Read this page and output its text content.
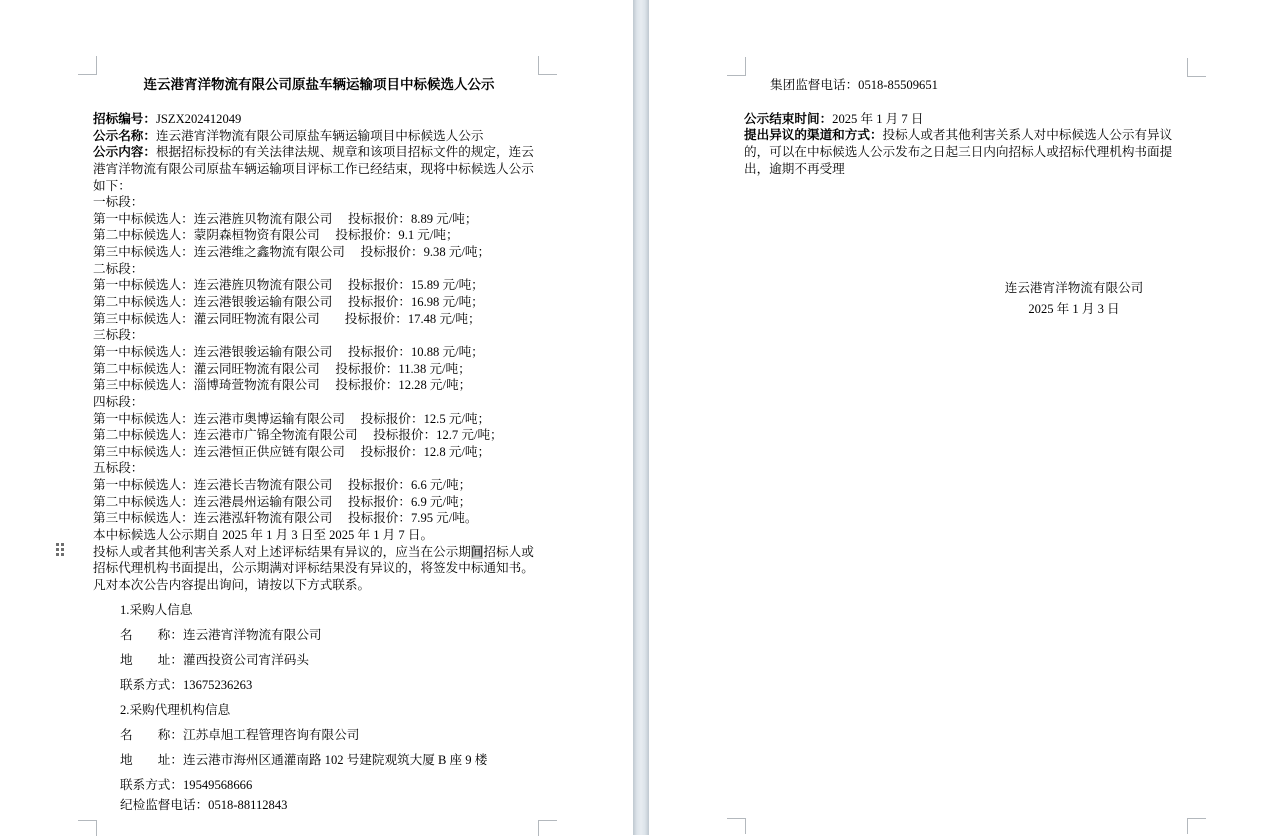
连云港宵洋物流有限公司原盐车辆运输项目中标候选人公示
招标编号：JSZX202412049
公示名称：连云港宵洋物流有限公司原盐车辆运输项目中标候选人公示
公示内容：根据招标投标的有关法律法规、规章和该项目招标文件的规定，连云
港宵洋物流有限公司原盐车辆运输项目评标工作已经结束，现将中标候选人公示
如下：
一标段：
第一中标候选人：连云港旌贝物流有限公司　 投标报价：8.89 元/吨；
第二中标候选人：蒙阴森桓物资有限公司　 投标报价：9.1 元/吨；
第三中标候选人：连云港维之鑫物流有限公司　 投标报价：9.38 元/吨；
二标段：
第一中标候选人：连云港旌贝物流有限公司　 投标报价：15.89 元/吨；
第二中标候选人：连云港银骏运输有限公司　 投标报价：16.98 元/吨；
第三中标候选人：灌云同旺物流有限公司　　投标报价：17.48 元/吨；
三标段：
第一中标候选人：连云港银骏运输有限公司　 投标报价：10.88 元/吨；
第二中标候选人：灌云同旺物流有限公司　 投标报价：11.38 元/吨；
第三中标候选人：淄博琦萱物流有限公司　 投标报价：12.28 元/吨；
四标段：
第一中标候选人：连云港市奥博运输有限公司　 投标报价：12.5 元/吨；
第二中标候选人：连云港市广锦全物流有限公司　 投标报价：12.7 元/吨；
第三中标候选人：连云港恒正供应链有限公司　 投标报价：12.8 元/吨；
五标段：
第一中标候选人：连云港长吉物流有限公司　 投标报价：6.6 元/吨；
第二中标候选人：连云港晨州运输有限公司　 投标报价：6.9 元/吨；
第三中标候选人：连云港泓轩物流有限公司　 投标报价：7.95 元/吨。
本中标候选人公示期自 2025 年 1 月 3 日至 2025 年 1 月 7 日。
投标人或者其他利害关系人对上述评标结果有异议的，应当在公示期间招标人或
招标代理机构书面提出，公示期满对评标结果没有异议的，将签发中标通知书。
凡对本次公告内容提出询问，请按以下方式联系。
1.采购人信息
名　　称：连云港宵洋物流有限公司
地　　址：灌西投资公司宵洋码头
联系方式：13675236263
2.采购代理机构信息
名　　称：江苏卓旭工程管理咨询有限公司
地　　址：连云港市海州区通灌南路 102 号建院观筑大厦 B 座 9 楼
联系方式：19549568666
纪检监督电话：0518-88112843
集团监督电话：0518-85509651
公示结束时间：2025 年 1 月 7 日
提出异议的渠道和方式：投标人或者其他利害关系人对中标候选人公示有异议
的，可以在中标候选人公示发布之日起三日内向招标人或招标代理机构书面提
出，逾期不再受理
连云港宵洋物流有限公司
2025 年 1 月 3 日
